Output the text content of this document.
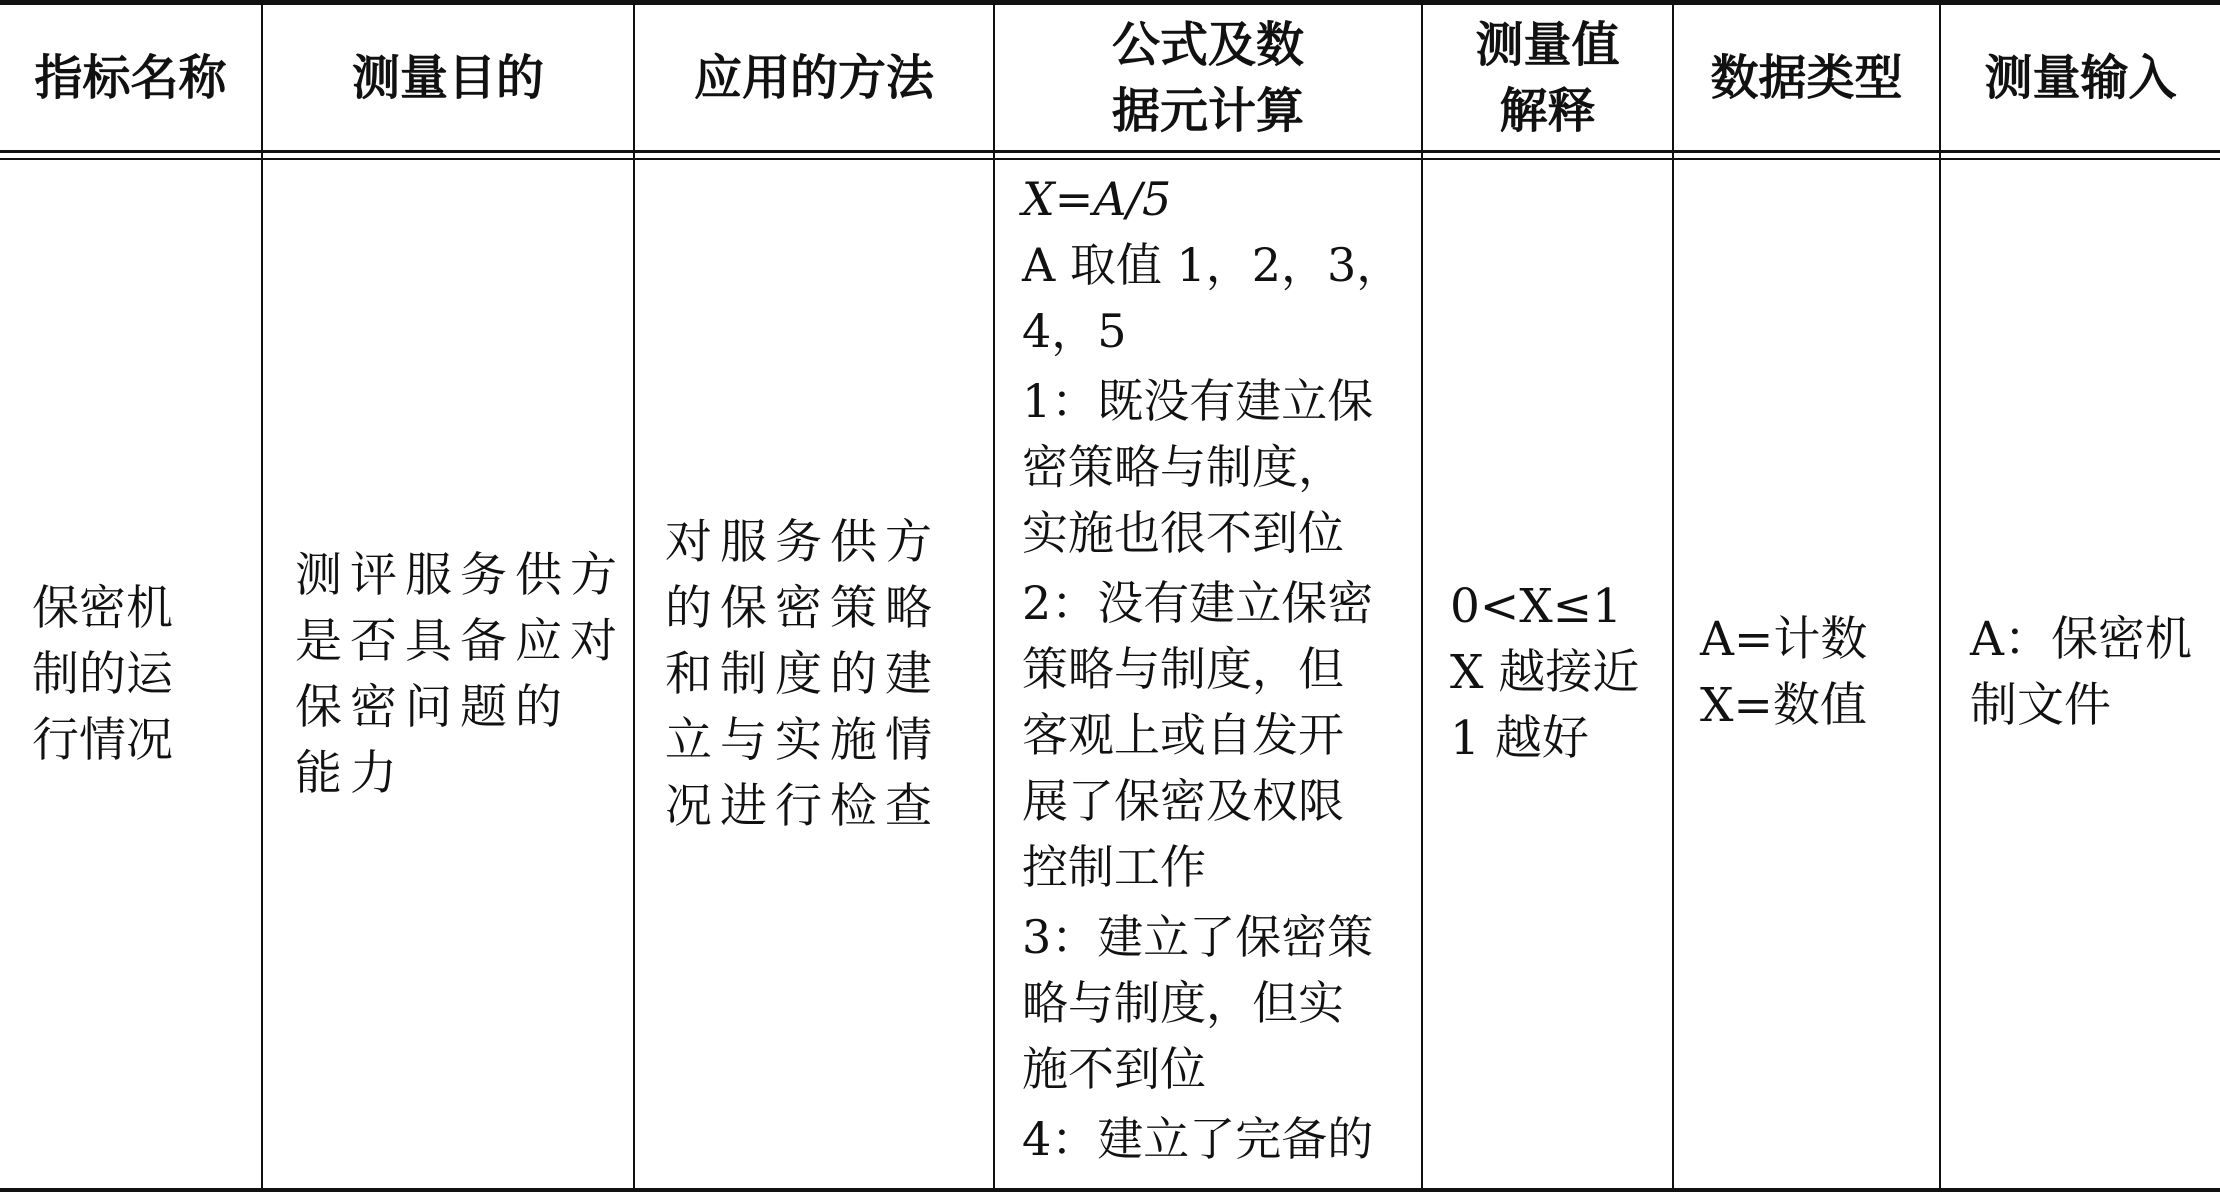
指标名称	测量目的	应用的方法
公式及数
据元计算
测量值
解释
数据类型 测量输入
保密机
制的运
行情况
测评服务供方
是否具备应对
保密问题的
能力
对服务供方
的保密策略
和制度的建
立与实施情
况进行检查

X=A/5

A 取值 1，2，3，
4，5

1：既没有建立保
密策略与制度，
实施也很不到位

2：没有建立保密
策略与制度，但
客观上或自发开
展了保密及权限
控制工作

3：建立了保密策
略与制度，但实
施不到位

4：建立了完备的

0<X≤1
X 越接近
1 越好
A=计数
X=数值
A：保密机
制文件
